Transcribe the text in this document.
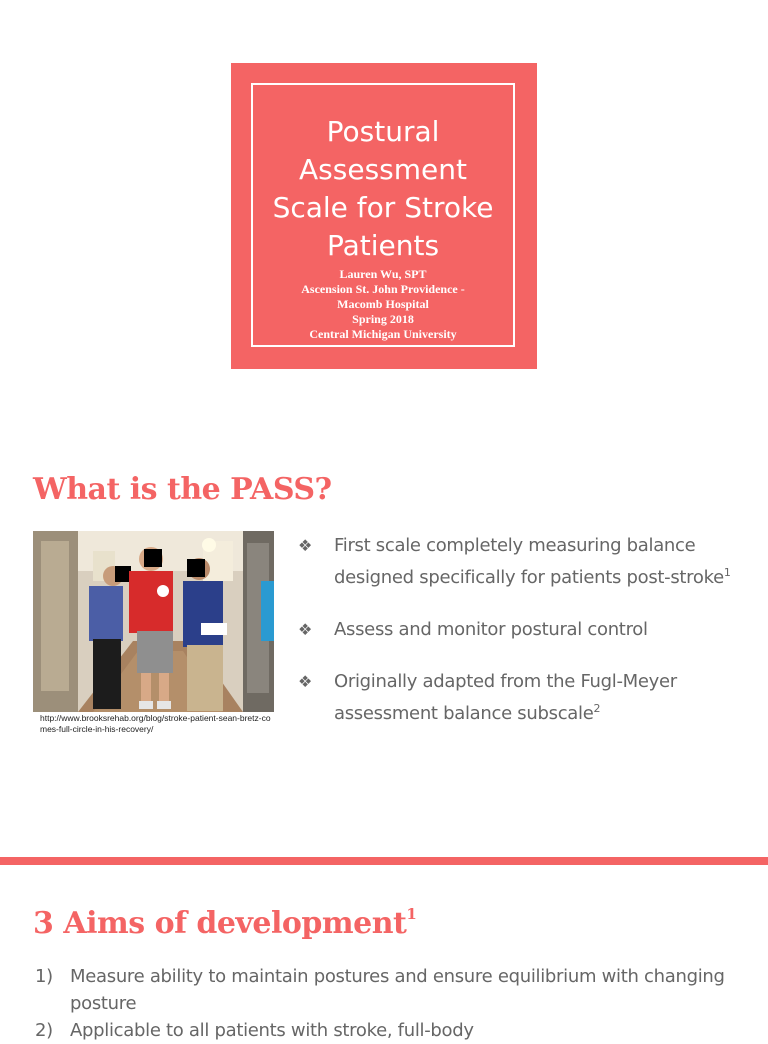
Postural Assessment Scale for Stroke Patients
Lauren Wu, SPT
Ascension St. John Providence -
Macomb Hospital
Spring 2018
Central Michigan University
What is the PASS?
http://www.brooksrehab.org/blog/stroke-patient-sean-bretz-comes-full-circle-in-his-recovery/
❖ First scale completely measuring balance designed specifically for patients post-stroke$^1$
❖ Assess and monitor postural control
❖ Originally adapted from the Fugl-Meyer assessment balance subscale$^2$
3 Aims of development$^1$
1) Measure ability to maintain postures and ensure equilibrium with changing posture
2) Applicable to all patients with stroke, full-body
